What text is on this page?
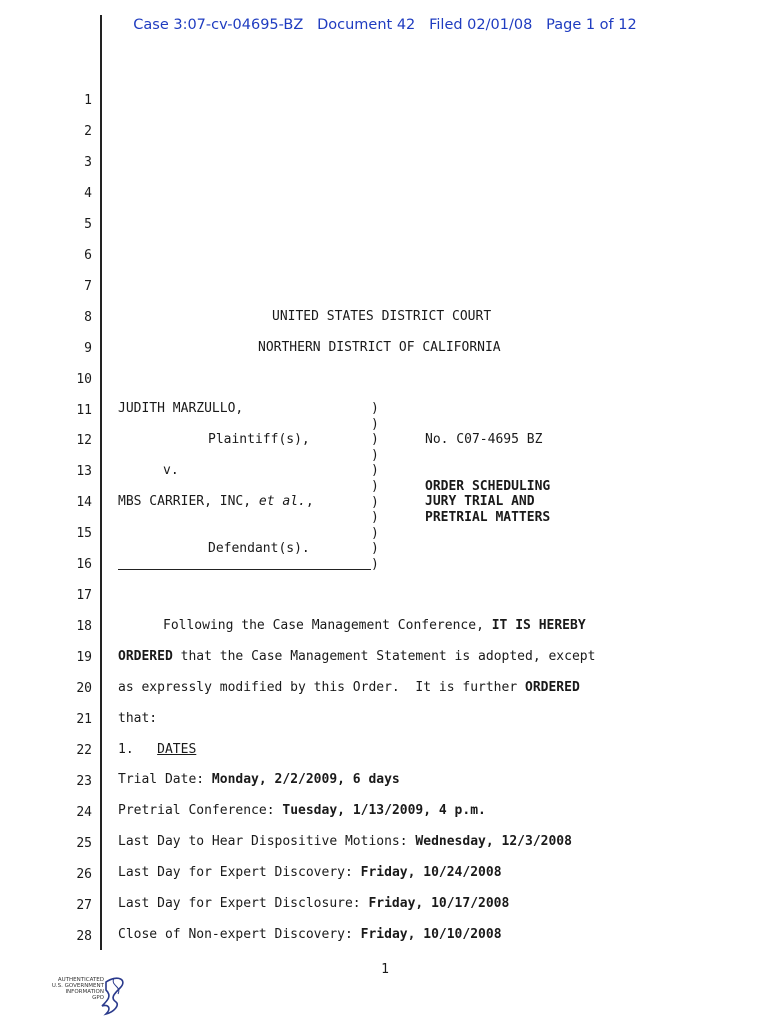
Case 3:07-cv-04695-BZ Document 42 Filed 02/01/08 Page 1 of 12
1
2
3
4
5
6
7
8
9
10
11
12
13
14
15
16
17
18
19
20
21
22
23
24
25
26
27
28
UNITED STATES DISTRICT COURT
NORTHERN DISTRICT OF CALIFORNIA
JUDITH MARZULLO,
Plaintiff(s),
v.
MBS CARRIER, INC, et al.,
Defendant(s).
)
)
)
)
)
)
)
)
)
)
)
No. C07-4695 BZ
ORDER SCHEDULING
JURY TRIAL AND
PRETRIAL MATTERS
Following the Case Management Conference, IT IS HEREBY
ORDERED that the Case Management Statement is adopted, except
as expressly modified by this Order.  It is further ORDERED
that:
1. DATES
Trial Date: Monday, 2/2/2009, 6 days
Pretrial Conference: Tuesday, 1/13/2009, 4 p.m.
Last Day to Hear Dispositive Motions: Wednesday, 12/3/2008
Last Day for Expert Discovery: Friday, 10/24/2008
Last Day for Expert Disclosure: Friday, 10/17/2008
Close of Non-expert Discovery: Friday, 10/10/2008
1
AUTHENTICATED
U.S. GOVERNMENT
INFORMATION
GPO
